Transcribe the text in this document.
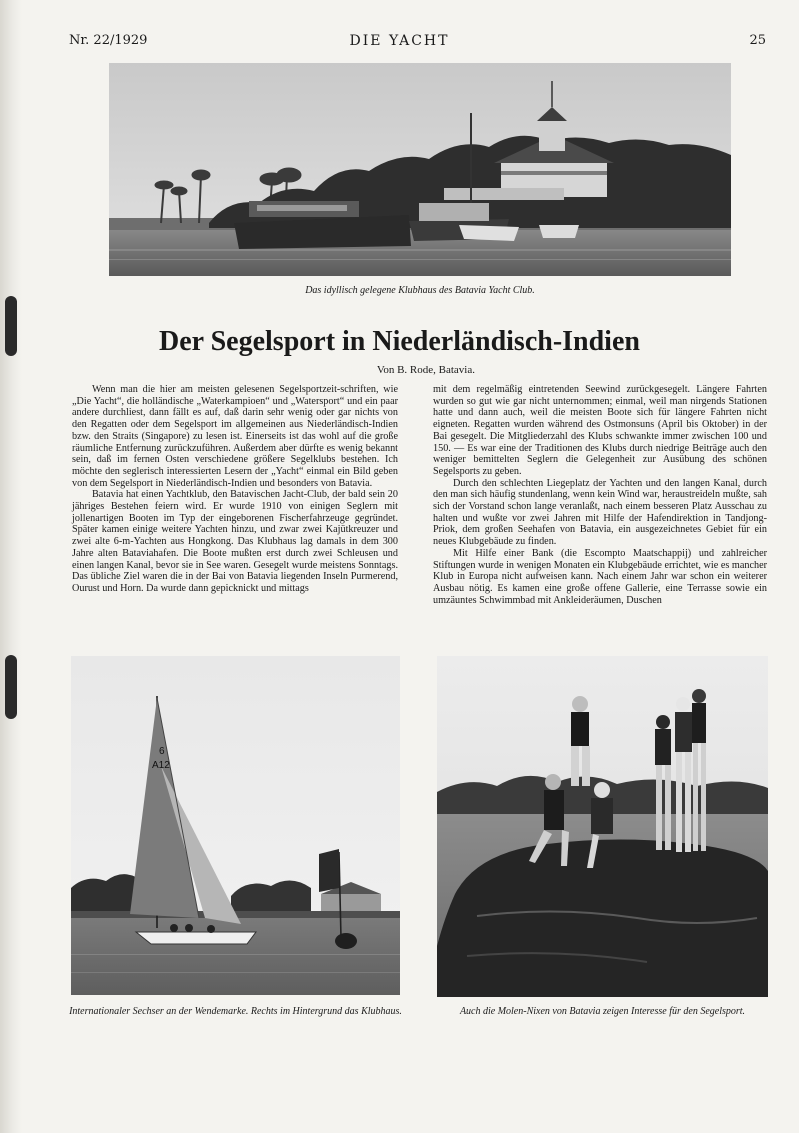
DIE YACHT
Nr. 22/1929	25
Das idyllisch gelegene Klubhaus des Batavia Yacht Club.
Der Segelsport in Niederländisch-Indien
Von B. Rode, Batavia.

Wenn man die hier am meisten gelesenen Segelsportzeit-schriften, wie „Die Yacht“, die holländische „Waterkampioen“ und „Watersport“ und ein paar andere durchliest, dann fällt es auf, daß darin sehr wenig oder gar nichts von den Regatten oder dem Segelsport im allgemeinen aus Niederländisch-Indien bzw. den Straits (Singapore) zu lesen ist. Einerseits ist das wohl auf die große räumliche Entfernung zurückzuführen. Außerdem aber dürfte es wenig bekannt sein, daß im fernen Osten verschiedene größere Segelklubs bestehen. Ich möchte den seglerisch interessierten Lesern der „Yacht“ einmal ein Bild geben von dem Segelsport in Niederländisch-Indien und besonders von Batavia.

Batavia hat einen Yachtklub, den Batavischen Jacht-Club, der bald sein 20 jähriges Bestehen feiern wird. Er wurde 1910 von einigen Seglern mit jollenartigen Booten im Typ der eingeborenen Fischerfahrzeuge gegründet. Später kamen einige weitere Yachten hinzu, und zwar zwei Kajütkreuzer und zwei alte 6-m-Yachten aus Hongkong. Das Klubhaus lag damals in dem 300 Jahre alten Bataviahafen. Die Boote mußten erst durch zwei Schleusen und einen langen Kanal, bevor sie in See waren. Gesegelt wurde meistens Sonntags. Das übliche Ziel waren die in der Bai von Batavia liegenden Inseln Purmerend, Ourust und Horn. Da wurde dann gepicknickt und mittags

mit dem regelmäßig eintretenden Seewind zurückgesegelt. Längere Fahrten wurden so gut wie gar nicht unternommen; einmal, weil man nirgends Stationen hatte und dann auch, weil die meisten Boote sich für längere Fahrten nicht eigneten. Regatten wurden während des Ostmonsuns (April bis Oktober) in der Bai gesegelt. Die Mitgliederzahl des Klubs schwankte immer zwischen 100 und 150. — Es war eine der Traditionen des Klubs durch niedrige Beiträge auch den weniger bemittelten Seglern die Gelegenheit zur Ausübung des schönen Segelsports zu geben.

Durch den schlechten Liegeplatz der Yachten und den langen Kanal, durch den man sich häufig stundenlang, wenn kein Wind war, heraustreideln mußte, sah sich der Vorstand schon lange veranlaßt, nach einem besseren Platz Ausschau zu halten und wußte vor zwei Jahren mit Hilfe der Hafendirektion in Tandjong-Priok, dem großen Seehafen von Batavia, ein ausgezeichnetes Gebiet für ein neues Klubgebäude zu finden.

Mit Hilfe einer Bank (die Escompto Maatschappij) und zahlreicher Stiftungen wurde in wenigen Monaten ein Klubgebäude errichtet, wie es mancher Klub in Europa nicht aufweisen kann. Nach einem Jahr war schon ein weiterer Ausbau nötig. Es kamen eine große offene Gallerie, eine Terrasse sowie ein umzäuntes Schwimmbad mit Ankleideräumen, Duschen

6
A12
Internationaler Sechser an der Wendemarke. Rechts im Hintergrund das Klubhaus.	Auch die Molen-Nixen von Batavia zeigen Interesse für den Segelsport.
